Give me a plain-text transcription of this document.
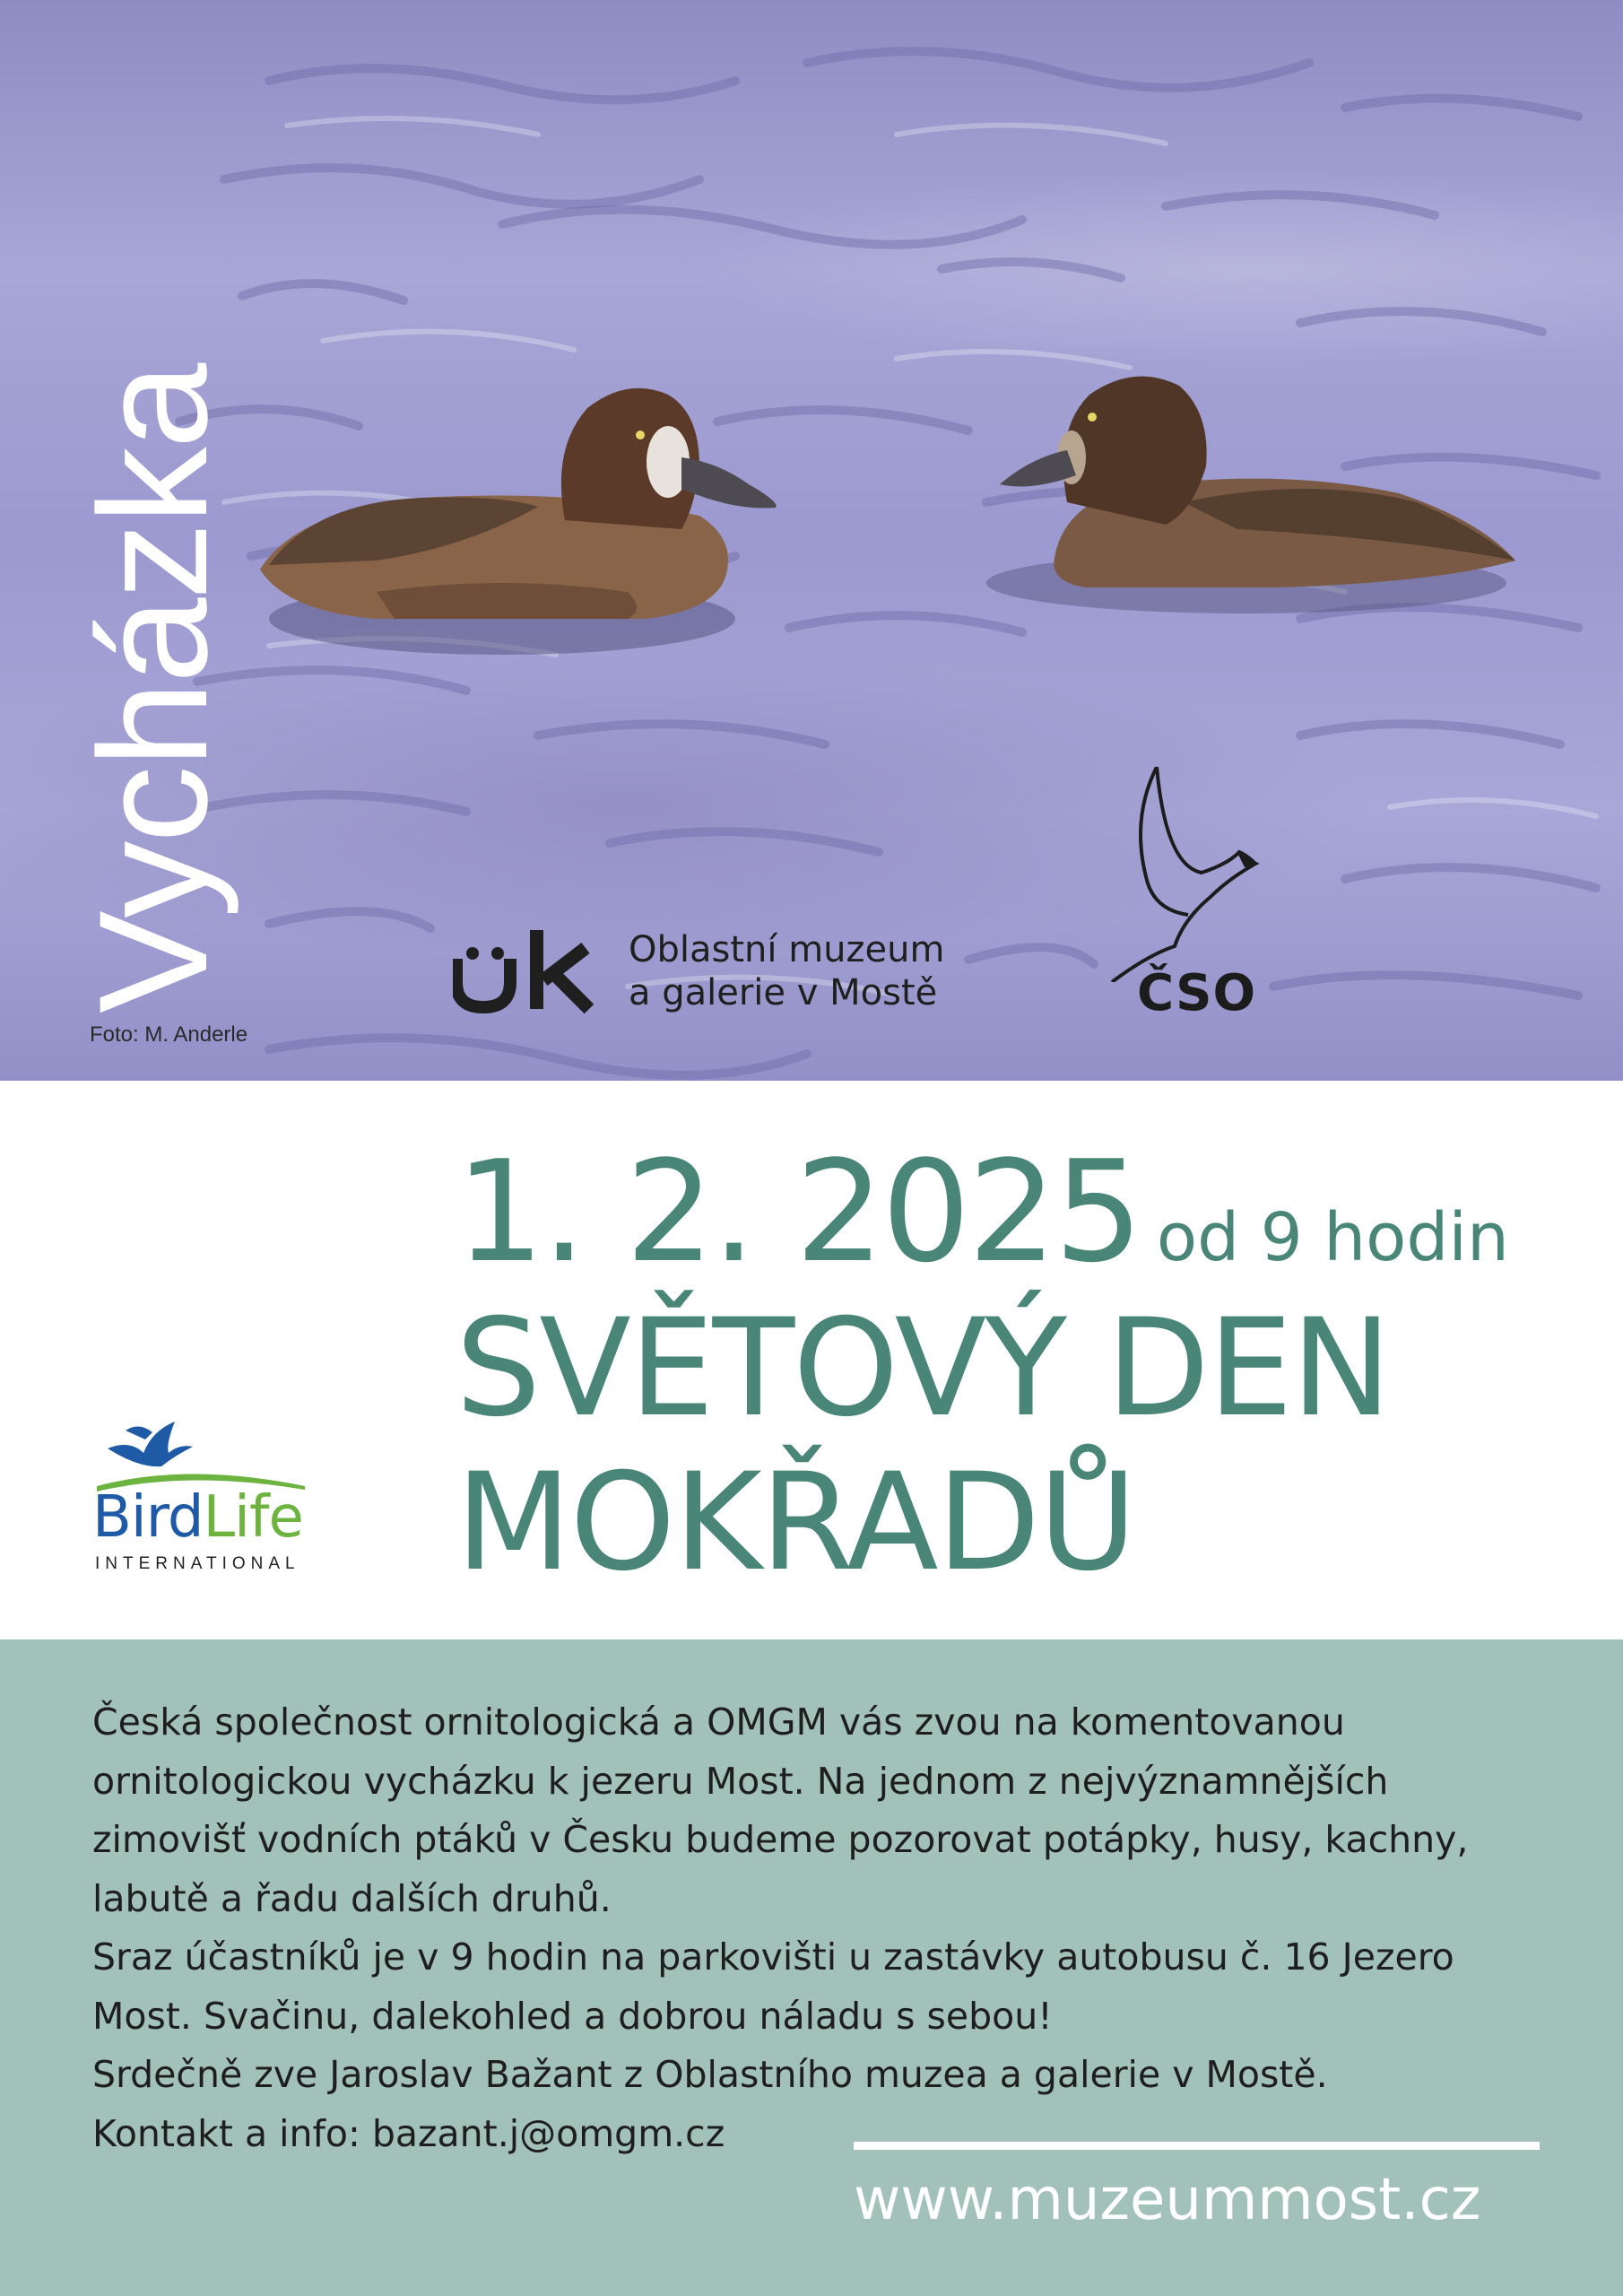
Vycházka
Foto: M. Anderle
Oblastní muzeum
a galerie v Mostě	ČSO
1. 2. 2025 od 9 hodin
SVĚTOVÝ DEN
MOKŘADŮ
BirdLife
INTERNATIONAL
Česká společnost ornitologická a OMGM vás zvou na komentovanou
ornitologickou vycházku k jezeru Most. Na jednom z nejvýznamnějších
zimovišť vodních ptáků v Česku budeme pozorovat potápky, husy, kachny,
labutě a řadu dalších druhů.
Sraz účastníků je v 9 hodin na parkovišti u zastávky autobusu č. 16 Jezero
Most. Svačinu, dalekohled a dobrou náladu s sebou!
Srdečně zve Jaroslav Bažant z Oblastního muzea a galerie v Mostě.
Kontakt a info: bazant.j@omgm.cz
www.muzeummost.cz
